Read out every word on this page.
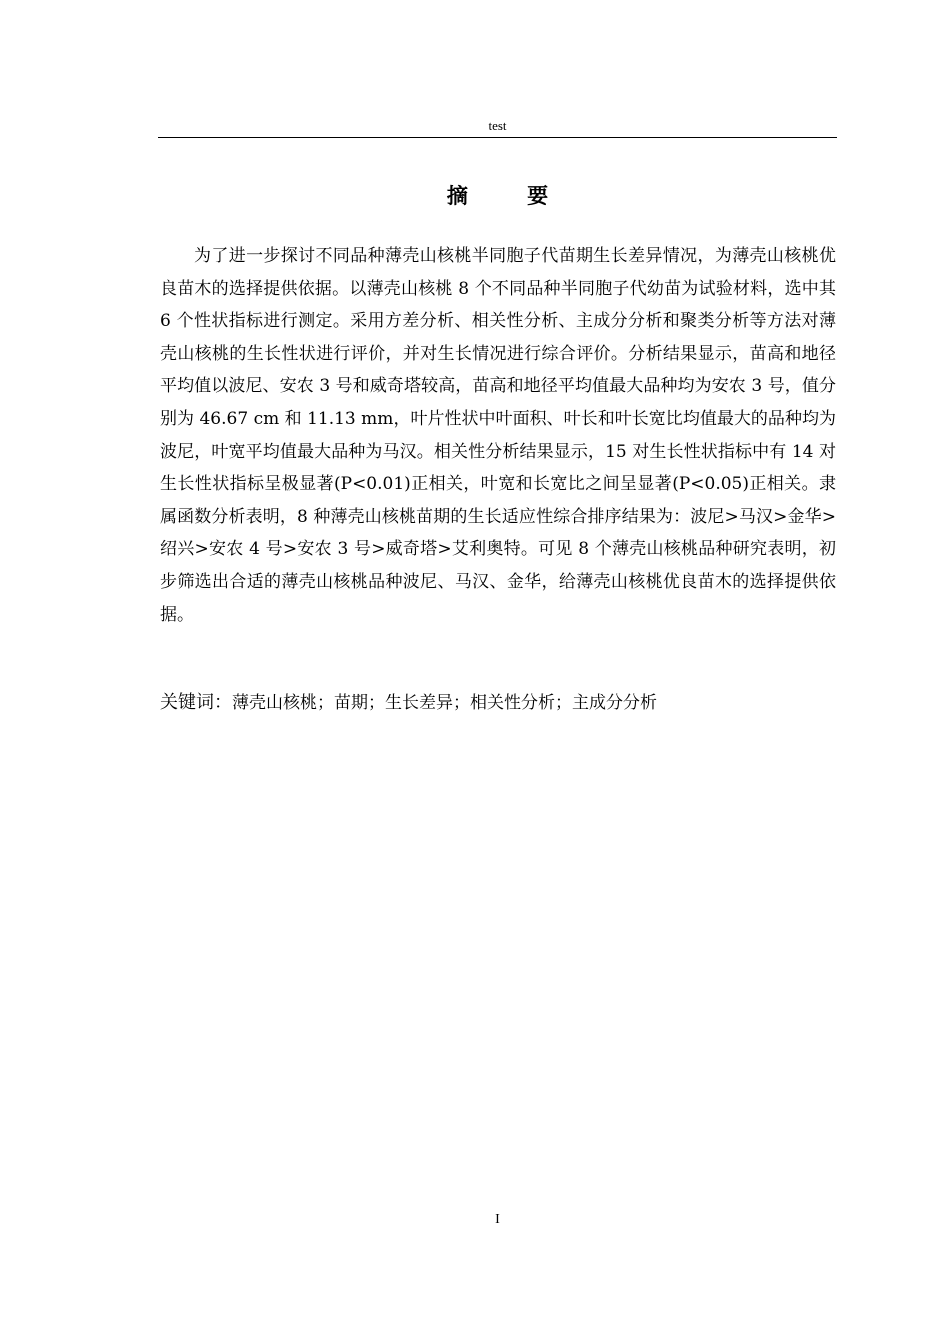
test
摘 要

为了进一步探讨不同品种薄壳山核桃半同胞子代苗期生长差异情况，为薄壳山核桃优良苗木的选择提供依据。以薄壳山核桃 8 个不同品种半同胞子代幼苗为试验材料，选中其 6 个性状指标进行测定。采用方差分析、相关性分析、主成分分析和聚类分析等方法对薄壳山核桃的生长性状进行评价，并对生长情况进行综合评价。分析结果显示，苗高和地径平均值以波尼、安农 3 号和威奇塔较高，苗高和地径平均值最大品种均为安农 3 号，值分别为 46.67 cm 和 11.13 mm，叶片性状中叶面积、叶长和叶长宽比均值最大的品种均为波尼，叶宽平均值最大品种为马汉。相关性分析结果显示，15 对生长性状指标中有 14 对生长性状指标呈极显著(P<0.01)正相关，叶宽和长宽比之间呈显著(P<0.05)正相关。隶属函数分析表明，8 种薄壳山核桃苗期的生长适应性综合排序结果为：波尼>马汉>金华>绍兴>安农 4 号>安农 3 号>威奇塔>艾利奥特。可见 8 个薄壳山核桃品种研究表明，初步筛选出合适的薄壳山核桃品种波尼、马汉、金华，给薄壳山核桃优良苗木的选择提供依据。

关键词：薄壳山核桃；苗期；生长差异；相关性分析；主成分分析
I
